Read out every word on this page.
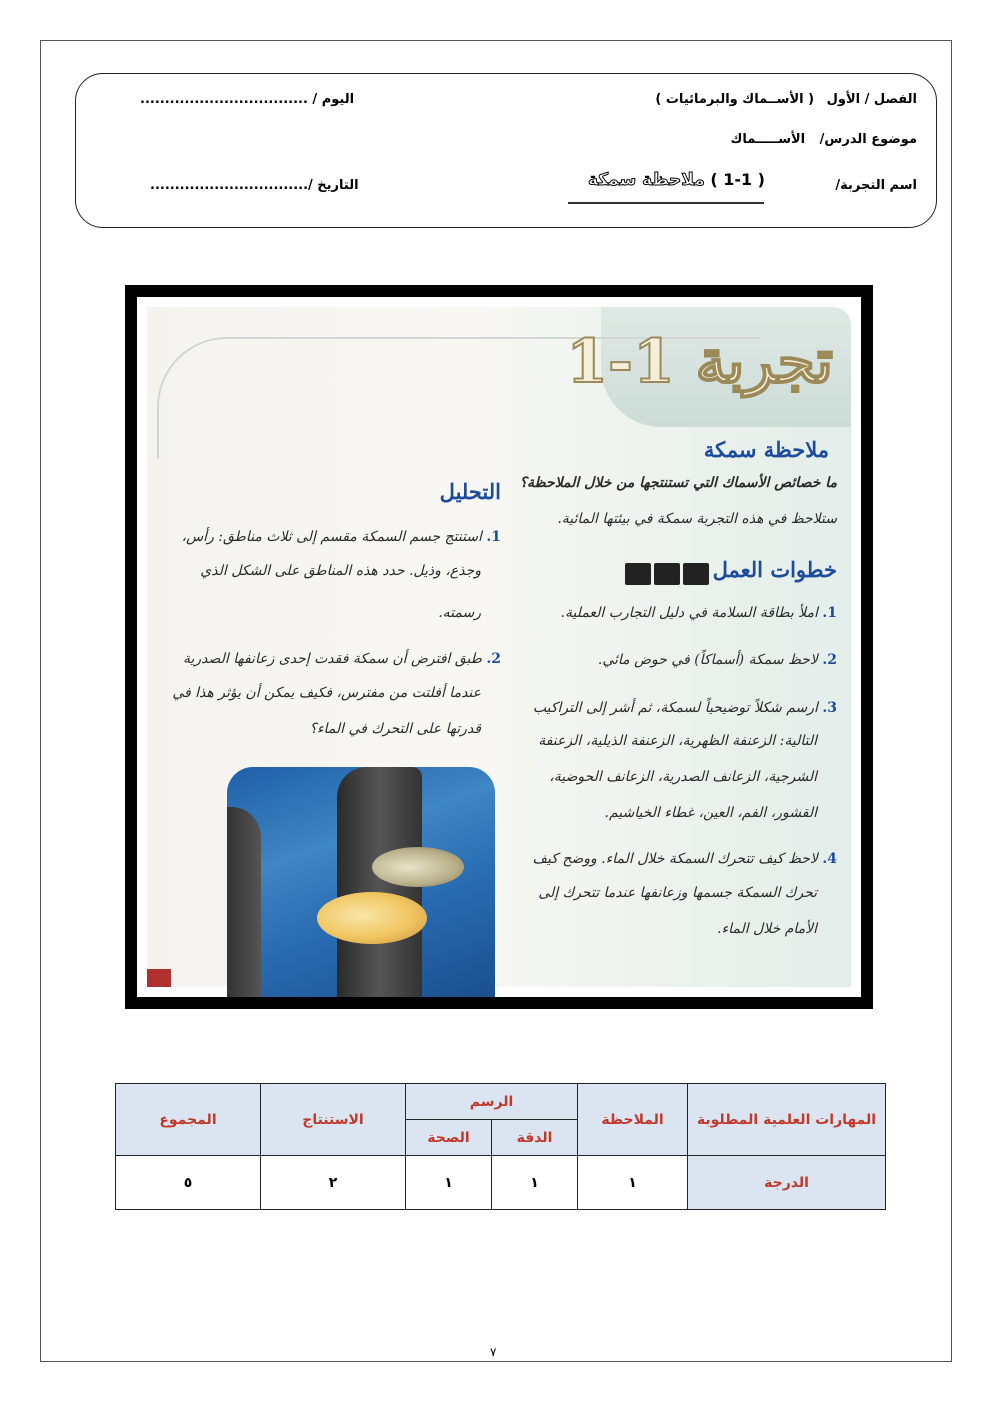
الفصل / الأول ( الأســماك والبرمائيات )
اليوم / ..................................
موضوع الدرس/ الأســـــماك
اسم التجربة/
( 1-1 ) ملاحظة سمكة
التاريخ /................................
تجربة 1-1
ملاحظة سمكة
ما خصائص الأسماك التي تستنتجها من خلال الملاحظة؟
ستلاحظ في هذه التجربة سمكة في بيئتها المائية.
خطوات العمل
1. املأ بطاقة السلامة في دليل التجارب العملية.
2. لاحظ سمكة (أسماكاً) في حوض مائي.
3. ارسم شكلاً توضيحياً لسمكة، ثم أشر إلى التراكيب
التالية: الزعنفة الظهرية، الزعنفة الذيلية، الزعنفة
الشرجية، الزعانف الصدرية، الزعانف الحوضية،
القشور، الفم، العين، غطاء الخياشيم.
4. لاحظ كيف تتحرك السمكة خلال الماء. ووضح كيف
تحرك السمكة جسمها وزعانفها عندما تتحرك إلى
الأمام خلال الماء.
التحليل
1. استنتج جسم السمكة مقسم إلى ثلاث مناطق: رأس،
وجذع، وذيل. حدد هذه المناطق على الشكل الذي
رسمته.
2. طبق افترض أن سمكة فقدت إحدى زعانفها الصدرية
عندما أفلتت من مفترس، فكيف يمكن أن يؤثر هذا في
قدرتها على التحرك في الماء؟
المهارات العلمية المطلوبة	الملاحظة	الرسم		الاستنتاج	المجموع
		الدقة	الصحة		
الدرجة	١	١	١	٢	٥
٧
